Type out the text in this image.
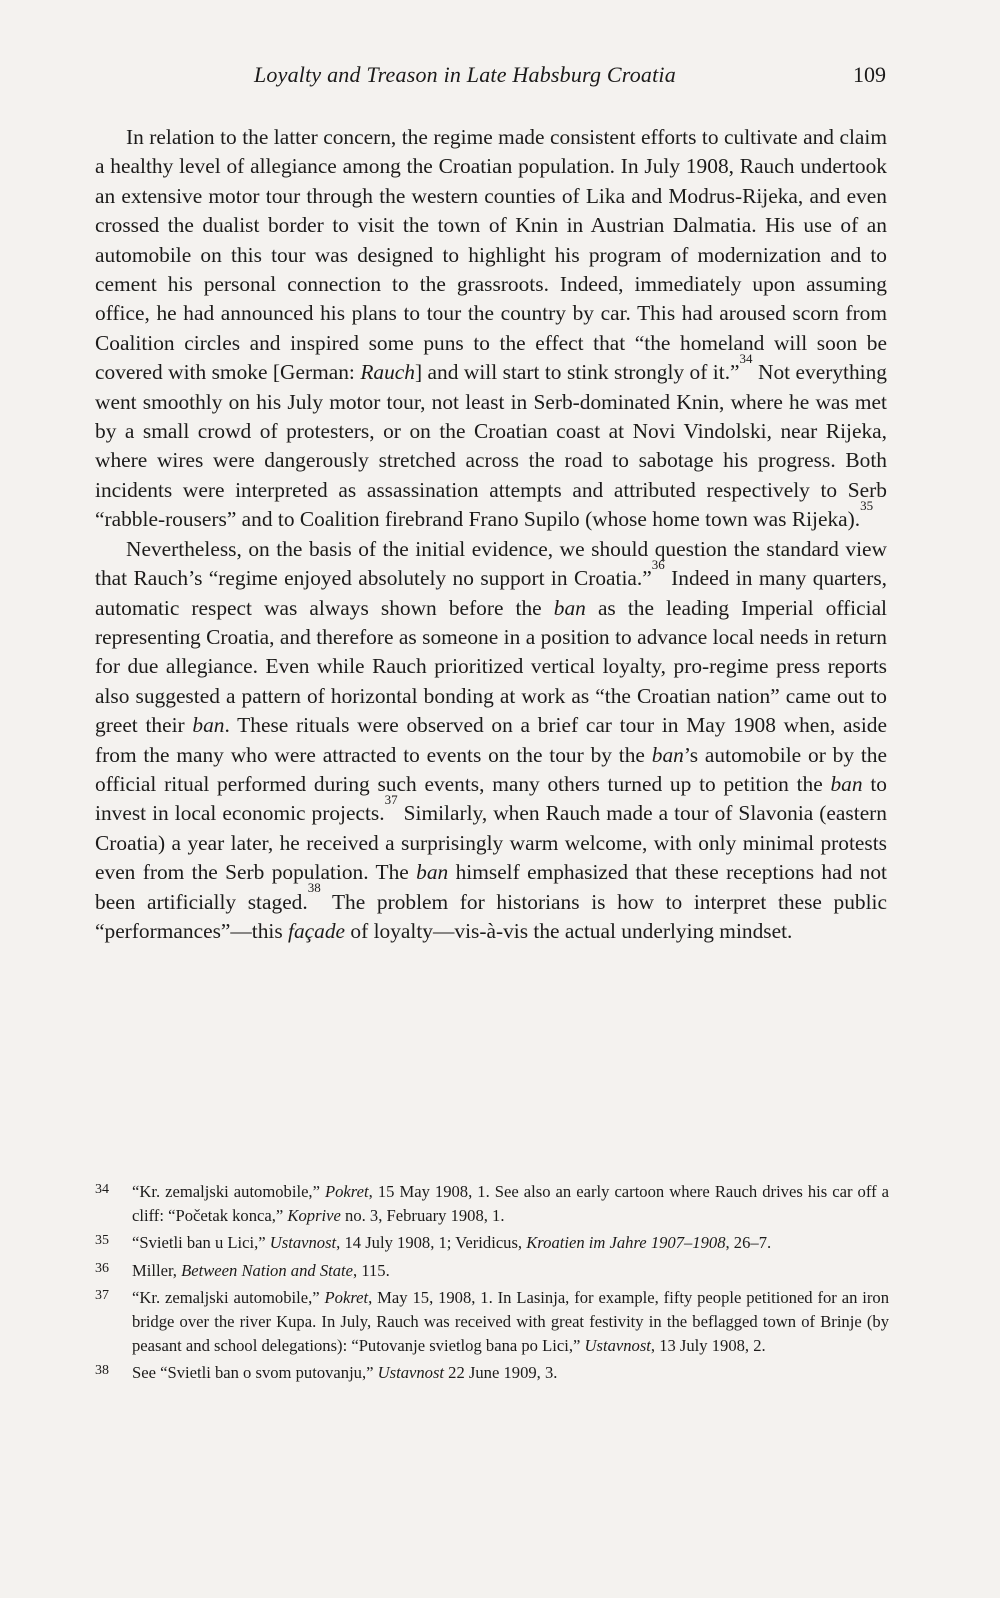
Loyalty and Treason in Late Habsburg Croatia	109

In relation to the latter concern, the regime made consistent efforts to cultivate and claim a healthy level of allegiance among the Croatian population. In July 1908, Rauch undertook an extensive motor tour through the western counties of Lika and Modrus-Rijeka, and even crossed the dualist border to visit the town of Knin in Austrian Dalmatia. His use of an automobile on this tour was designed to highlight his program of modernization and to cement his personal connection to the grassroots. Indeed, immediately upon assuming office, he had announced his plans to tour the country by car. This had aroused scorn from Coalition circles and inspired some puns to the effect that “the homeland will soon be covered with smoke [German: Rauch] and will start to stink strongly of it.”$^{34}$ Not everything went smoothly on his July motor tour, not least in Serb-dominated Knin, where he was met by a small crowd of protesters, or on the Croatian coast at Novi Vindolski, near Rijeka, where wires were dangerously stretched across the road to sabotage his progress. Both incidents were interpreted as assassination attempts and attributed respectively to Serb “rabble-rousers” and to Coalition firebrand Frano Supilo (whose home town was Rijeka).$^{35}$

Nevertheless, on the basis of the initial evidence, we should question the standard view that Rauch’s “regime enjoyed absolutely no support in Croatia.”$^{36}$ Indeed in many quarters, automatic respect was always shown before the ban as the leading Imperial official representing Croatia, and therefore as someone in a position to advance local needs in return for due allegiance. Even while Rauch prioritized vertical loyalty, pro-regime press reports also suggested a pattern of horizontal bonding at work as “the Croatian nation” came out to greet their ban. These rituals were observed on a brief car tour in May 1908 when, aside from the many who were attracted to events on the tour by the ban’s automobile or by the official ritual performed during such events, many others turned up to petition the ban to invest in local economic projects.$^{37}$ Similarly, when Rauch made a tour of Slavonia (eastern Croatia) a year later, he received a surprisingly warm welcome, with only minimal protests even from the Serb population. The ban himself emphasized that these receptions had not been artificially staged.$^{38}$ The problem for historians is how to interpret these public “performances”—this façade of loyalty—vis-à-vis the actual underlying mindset.

34 “Kr. zemaljski automobile,” Pokret, 15 May 1908, 1. See also an early cartoon where Rauch drives his car off a cliff: “Početak konca,” Koprive no. 3, February 1908, 1.
35 “Svietli ban u Lici,” Ustavnost, 14 July 1908, 1; Veridicus, Kroatien im Jahre 1907–1908, 26–7.
36 Miller, Between Nation and State, 115.
37 “Kr. zemaljski automobile,” Pokret, May 15, 1908, 1. In Lasinja, for example, fifty people petitioned for an iron bridge over the river Kupa. In July, Rauch was received with great festivity in the beflagged town of Brinje (by peasant and school delegations): “Putovanje svietlog bana po Lici,” Ustavnost, 13 July 1908, 2.
38 See “Svietli ban o svom putovanju,” Ustavnost 22 June 1909, 3.
